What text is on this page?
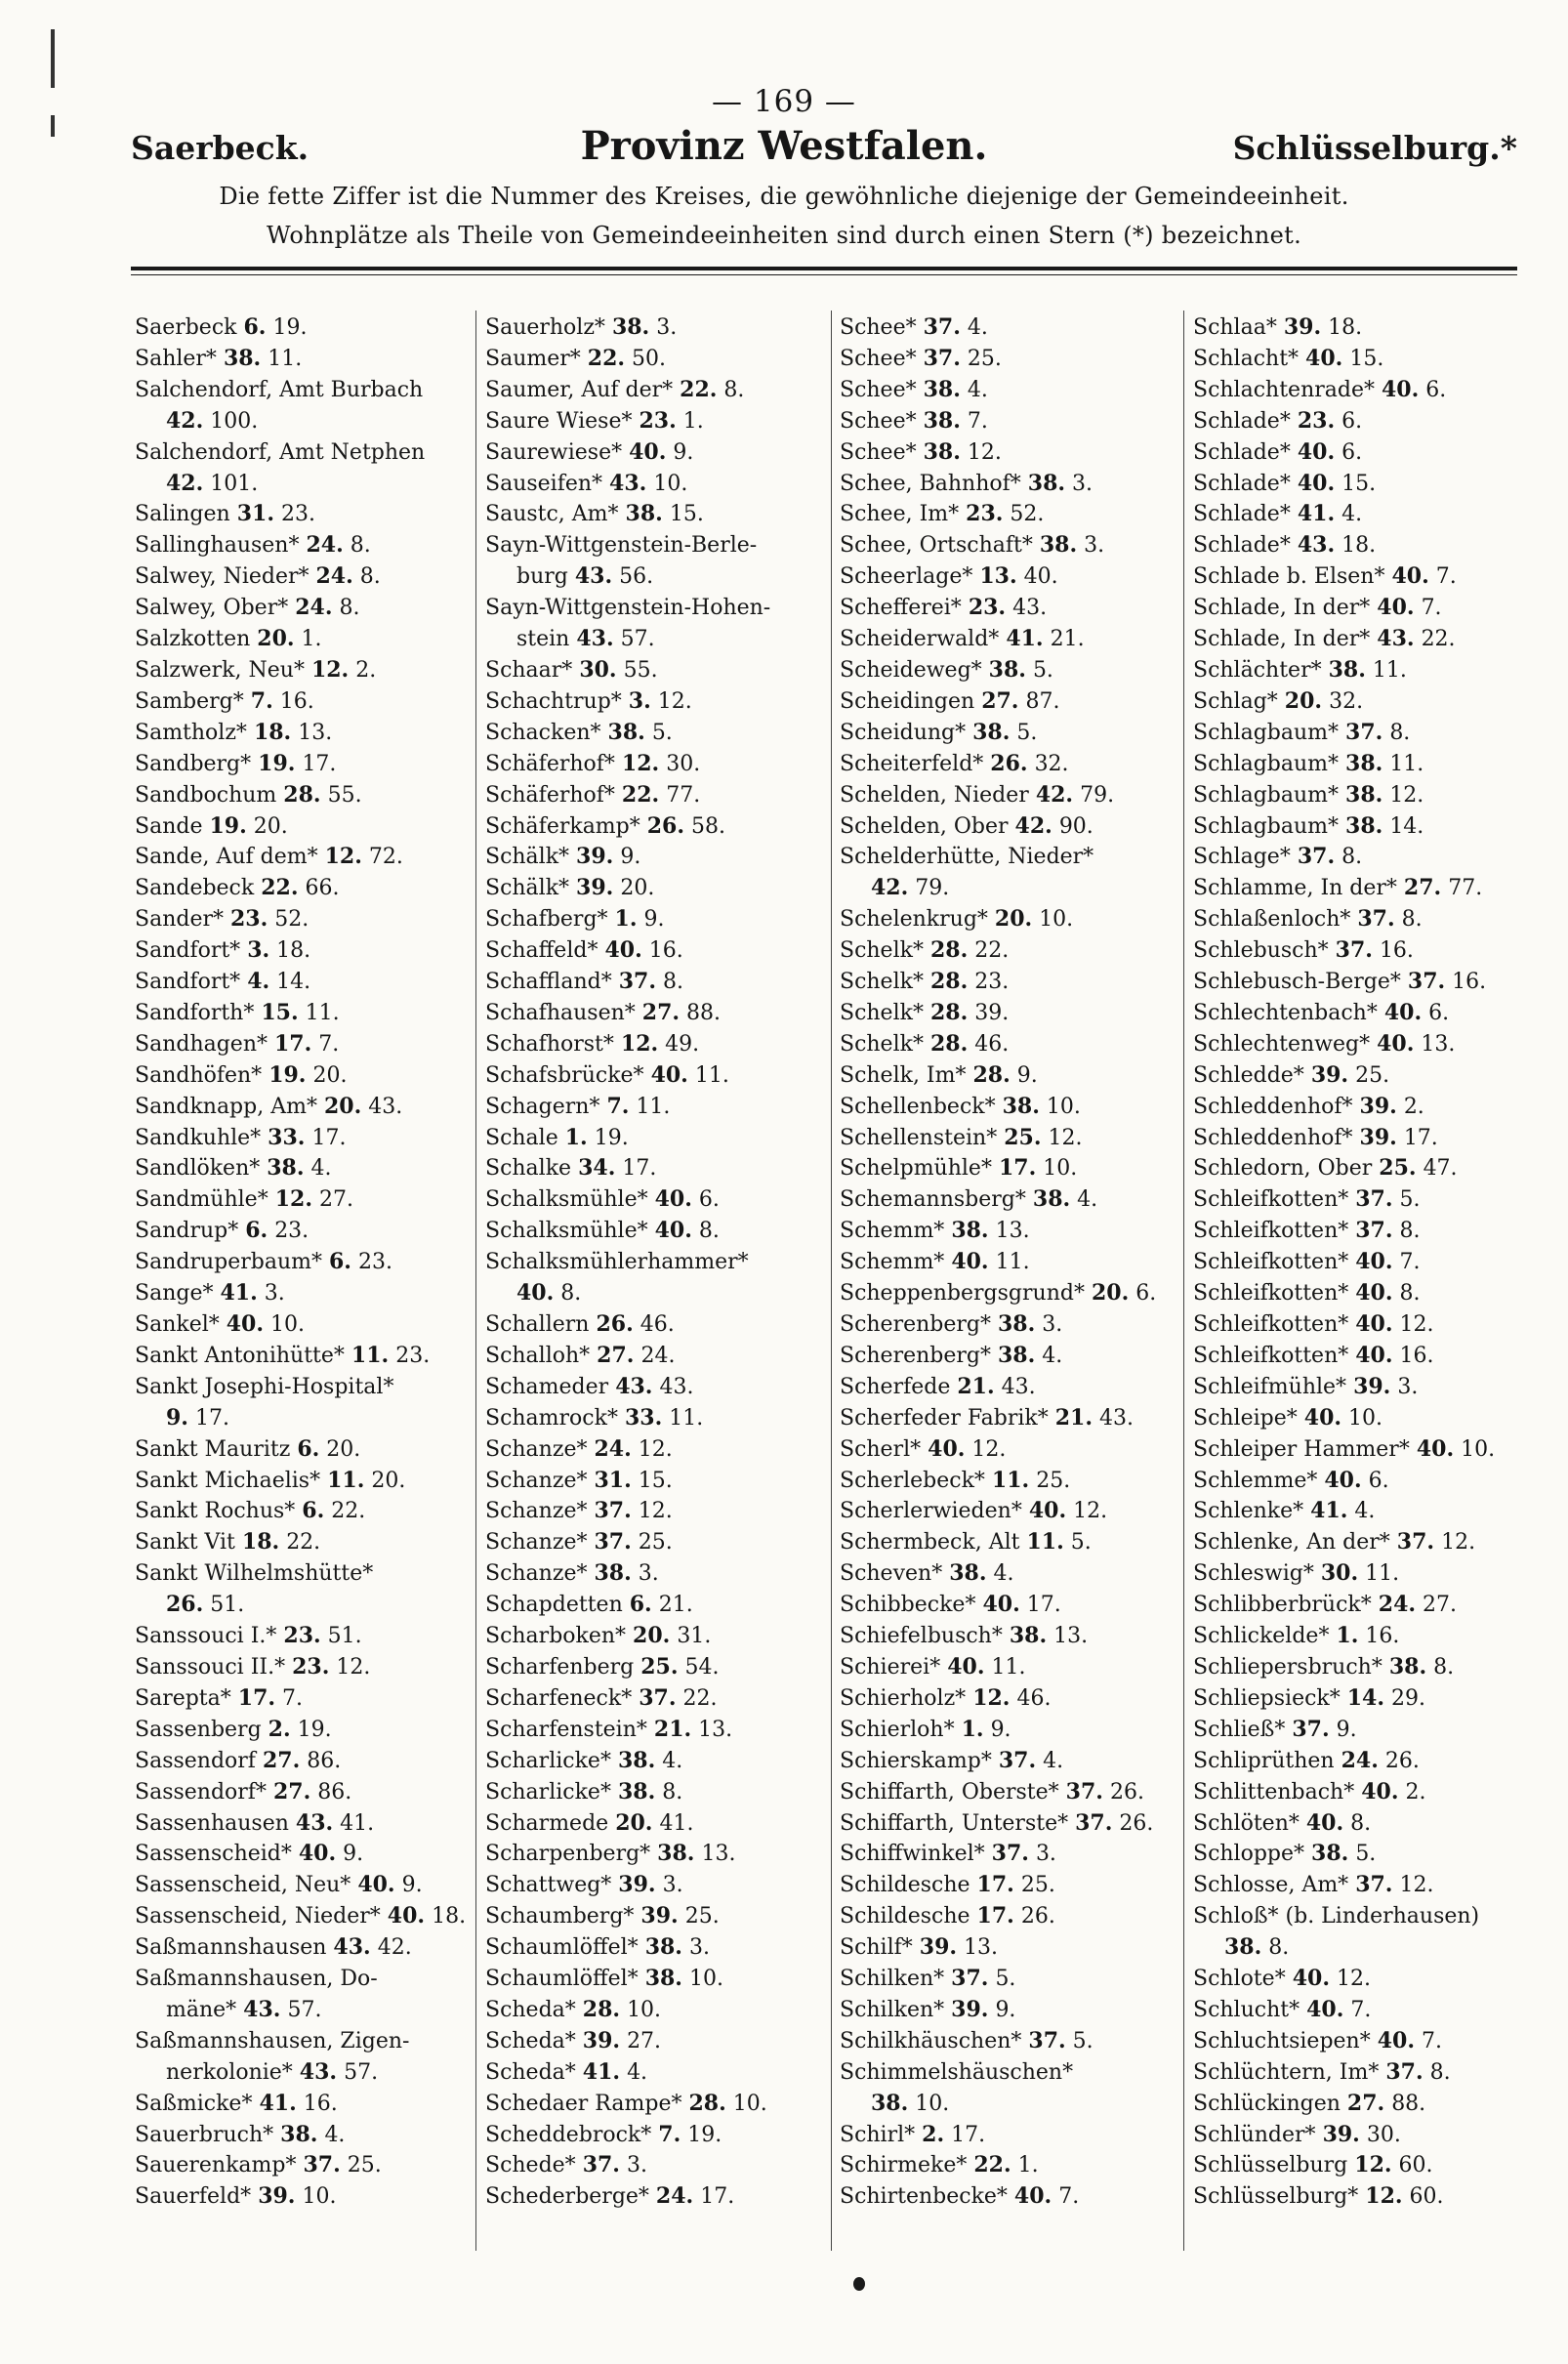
— 169 —
Saerbeck.	Provinz Westfalen.	Schlüsselburg.*
Die fette Ziffer ist die Nummer des Kreises, die gewöhnliche diejenige der Gemeindeeinheit.
Wohnplätze als Theile von Gemeindeeinheiten sind durch einen Stern (*) bezeichnet.
Saerbeck 6. 19.
Sahler* 38. 11.
Salchendorf, Amt Burbach
42. 100.
Salchendorf, Amt Netphen
42. 101.
Salingen 31. 23.
Sallinghausen* 24. 8.
Salwey, Nieder* 24. 8.
Salwey, Ober* 24. 8.
Salzkotten 20. 1.
Salzwerk, Neu* 12. 2.
Samberg* 7. 16.
Samtholz* 18. 13.
Sandberg* 19. 17.
Sandbochum 28. 55.
Sande 19. 20.
Sande, Auf dem* 12. 72.
Sandebeck 22. 66.
Sander* 23. 52.
Sandfort* 3. 18.
Sandfort* 4. 14.
Sandforth* 15. 11.
Sandhagen* 17. 7.
Sandhöfen* 19. 20.
Sandknapp, Am* 20. 43.
Sandkuhle* 33. 17.
Sandlöken* 38. 4.
Sandmühle* 12. 27.
Sandrup* 6. 23.
Sandruperbaum* 6. 23.
Sange* 41. 3.
Sankel* 40. 10.
Sankt Antonihütte* 11. 23.
Sankt Josephi-Hospital*
9. 17.
Sankt Mauritz 6. 20.
Sankt Michaelis* 11. 20.
Sankt Rochus* 6. 22.
Sankt Vit 18. 22.
Sankt Wilhelmshütte*
26. 51.
Sanssouci I.* 23. 51.
Sanssouci II.* 23. 12.
Sarepta* 17. 7.
Sassenberg 2. 19.
Sassendorf 27. 86.
Sassendorf* 27. 86.
Sassenhausen 43. 41.
Sassenscheid* 40. 9.
Sassenscheid, Neu* 40. 9.
Sassenscheid, Nieder* 40. 18.
Saßmannshausen 43. 42.
Saßmannshausen, Do-
mäne* 43. 57.
Saßmannshausen, Zigen-
nerkolonie* 43. 57.
Saßmicke* 41. 16.
Sauerbruch* 38. 4.
Sauerenkamp* 37. 25.
Sauerfeld* 39. 10.
Sauerholz* 38. 3.
Saumer* 22. 50.
Saumer, Auf der* 22. 8.
Saure Wiese* 23. 1.
Saurewiese* 40. 9.
Sauseifen* 43. 10.
Saustc, Am* 38. 15.
Sayn-Wittgenstein-Berle-
burg 43. 56.
Sayn-Wittgenstein-Hohen-
stein 43. 57.
Schaar* 30. 55.
Schachtrup* 3. 12.
Schacken* 38. 5.
Schäferhof* 12. 30.
Schäferhof* 22. 77.
Schäferkamp* 26. 58.
Schälk* 39. 9.
Schälk* 39. 20.
Schafberg* 1. 9.
Schaffeld* 40. 16.
Schaffland* 37. 8.
Schafhausen* 27. 88.
Schafhorst* 12. 49.
Schafsbrücke* 40. 11.
Schagern* 7. 11.
Schale 1. 19.
Schalke 34. 17.
Schalksmühle* 40. 6.
Schalksmühle* 40. 8.
Schalksmühlerhammer*
40. 8.
Schallern 26. 46.
Schalloh* 27. 24.
Schameder 43. 43.
Schamrock* 33. 11.
Schanze* 24. 12.
Schanze* 31. 15.
Schanze* 37. 12.
Schanze* 37. 25.
Schanze* 38. 3.
Schapdetten 6. 21.
Scharboken* 20. 31.
Scharfenberg 25. 54.
Scharfeneck* 37. 22.
Scharfenstein* 21. 13.
Scharlicke* 38. 4.
Scharlicke* 38. 8.
Scharmede 20. 41.
Scharpenberg* 38. 13.
Schattweg* 39. 3.
Schaumberg* 39. 25.
Schaumlöffel* 38. 3.
Schaumlöffel* 38. 10.
Scheda* 28. 10.
Scheda* 39. 27.
Scheda* 41. 4.
Schedaer Rampe* 28. 10.
Scheddebrock* 7. 19.
Schede* 37. 3.
Schederberge* 24. 17.
Schee* 37. 4.
Schee* 37. 25.
Schee* 38. 4.
Schee* 38. 7.
Schee* 38. 12.
Schee, Bahnhof* 38. 3.
Schee, Im* 23. 52.
Schee, Ortschaft* 38. 3.
Scheerlage* 13. 40.
Schefferei* 23. 43.
Scheiderwald* 41. 21.
Scheideweg* 38. 5.
Scheidingen 27. 87.
Scheidung* 38. 5.
Scheiterfeld* 26. 32.
Schelden, Nieder 42. 79.
Schelden, Ober 42. 90.
Schelderhütte, Nieder*
42. 79.
Schelenkrug* 20. 10.
Schelk* 28. 22.
Schelk* 28. 23.
Schelk* 28. 39.
Schelk* 28. 46.
Schelk, Im* 28. 9.
Schellenbeck* 38. 10.
Schellenstein* 25. 12.
Schelpmühle* 17. 10.
Schemannsberg* 38. 4.
Schemm* 38. 13.
Schemm* 40. 11.
Scheppenbergsgrund* 20. 6.
Scherenberg* 38. 3.
Scherenberg* 38. 4.
Scherfede 21. 43.
Scherfeder Fabrik* 21. 43.
Scherl* 40. 12.
Scherlebeck* 11. 25.
Scherlerwieden* 40. 12.
Schermbeck, Alt 11. 5.
Scheven* 38. 4.
Schibbecke* 40. 17.
Schiefelbusch* 38. 13.
Schierei* 40. 11.
Schierholz* 12. 46.
Schierloh* 1. 9.
Schierskamp* 37. 4.
Schiffarth, Oberste* 37. 26.
Schiffarth, Unterste* 37. 26.
Schiffwinkel* 37. 3.
Schildesche 17. 25.
Schildesche 17. 26.
Schilf* 39. 13.
Schilken* 37. 5.
Schilken* 39. 9.
Schilkhäuschen* 37. 5.
Schimmelshäuschen*
38. 10.
Schirl* 2. 17.
Schirmeke* 22. 1.
Schirtenbecke* 40. 7.
Schlaa* 39. 18.
Schlacht* 40. 15.
Schlachtenrade* 40. 6.
Schlade* 23. 6.
Schlade* 40. 6.
Schlade* 40. 15.
Schlade* 41. 4.
Schlade* 43. 18.
Schlade b. Elsen* 40. 7.
Schlade, In der* 40. 7.
Schlade, In der* 43. 22.
Schlächter* 38. 11.
Schlag* 20. 32.
Schlagbaum* 37. 8.
Schlagbaum* 38. 11.
Schlagbaum* 38. 12.
Schlagbaum* 38. 14.
Schlage* 37. 8.
Schlamme, In der* 27. 77.
Schlaßenloch* 37. 8.
Schlebusch* 37. 16.
Schlebusch-Berge* 37. 16.
Schlechtenbach* 40. 6.
Schlechtenweg* 40. 13.
Schledde* 39. 25.
Schleddenhof* 39. 2.
Schleddenhof* 39. 17.
Schledorn, Ober 25. 47.
Schleifkotten* 37. 5.
Schleifkotten* 37. 8.
Schleifkotten* 40. 7.
Schleifkotten* 40. 8.
Schleifkotten* 40. 12.
Schleifkotten* 40. 16.
Schleifmühle* 39. 3.
Schleipe* 40. 10.
Schleiper Hammer* 40. 10.
Schlemme* 40. 6.
Schlenke* 41. 4.
Schlenke, An der* 37. 12.
Schleswig* 30. 11.
Schlibberbrück* 24. 27.
Schlickelde* 1. 16.
Schliepersbruch* 38. 8.
Schliepsieck* 14. 29.
Schließ* 37. 9.
Schliprüthen 24. 26.
Schlittenbach* 40. 2.
Schlöten* 40. 8.
Schloppe* 38. 5.
Schlosse, Am* 37. 12.
Schloß* (b. Linderhausen)
38. 8.
Schlote* 40. 12.
Schlucht* 40. 7.
Schluchtsiepen* 40. 7.
Schlüchtern, Im* 37. 8.
Schlückingen 27. 88.
Schlünder* 39. 30.
Schlüsselburg 12. 60.
Schlüsselburg* 12. 60.
